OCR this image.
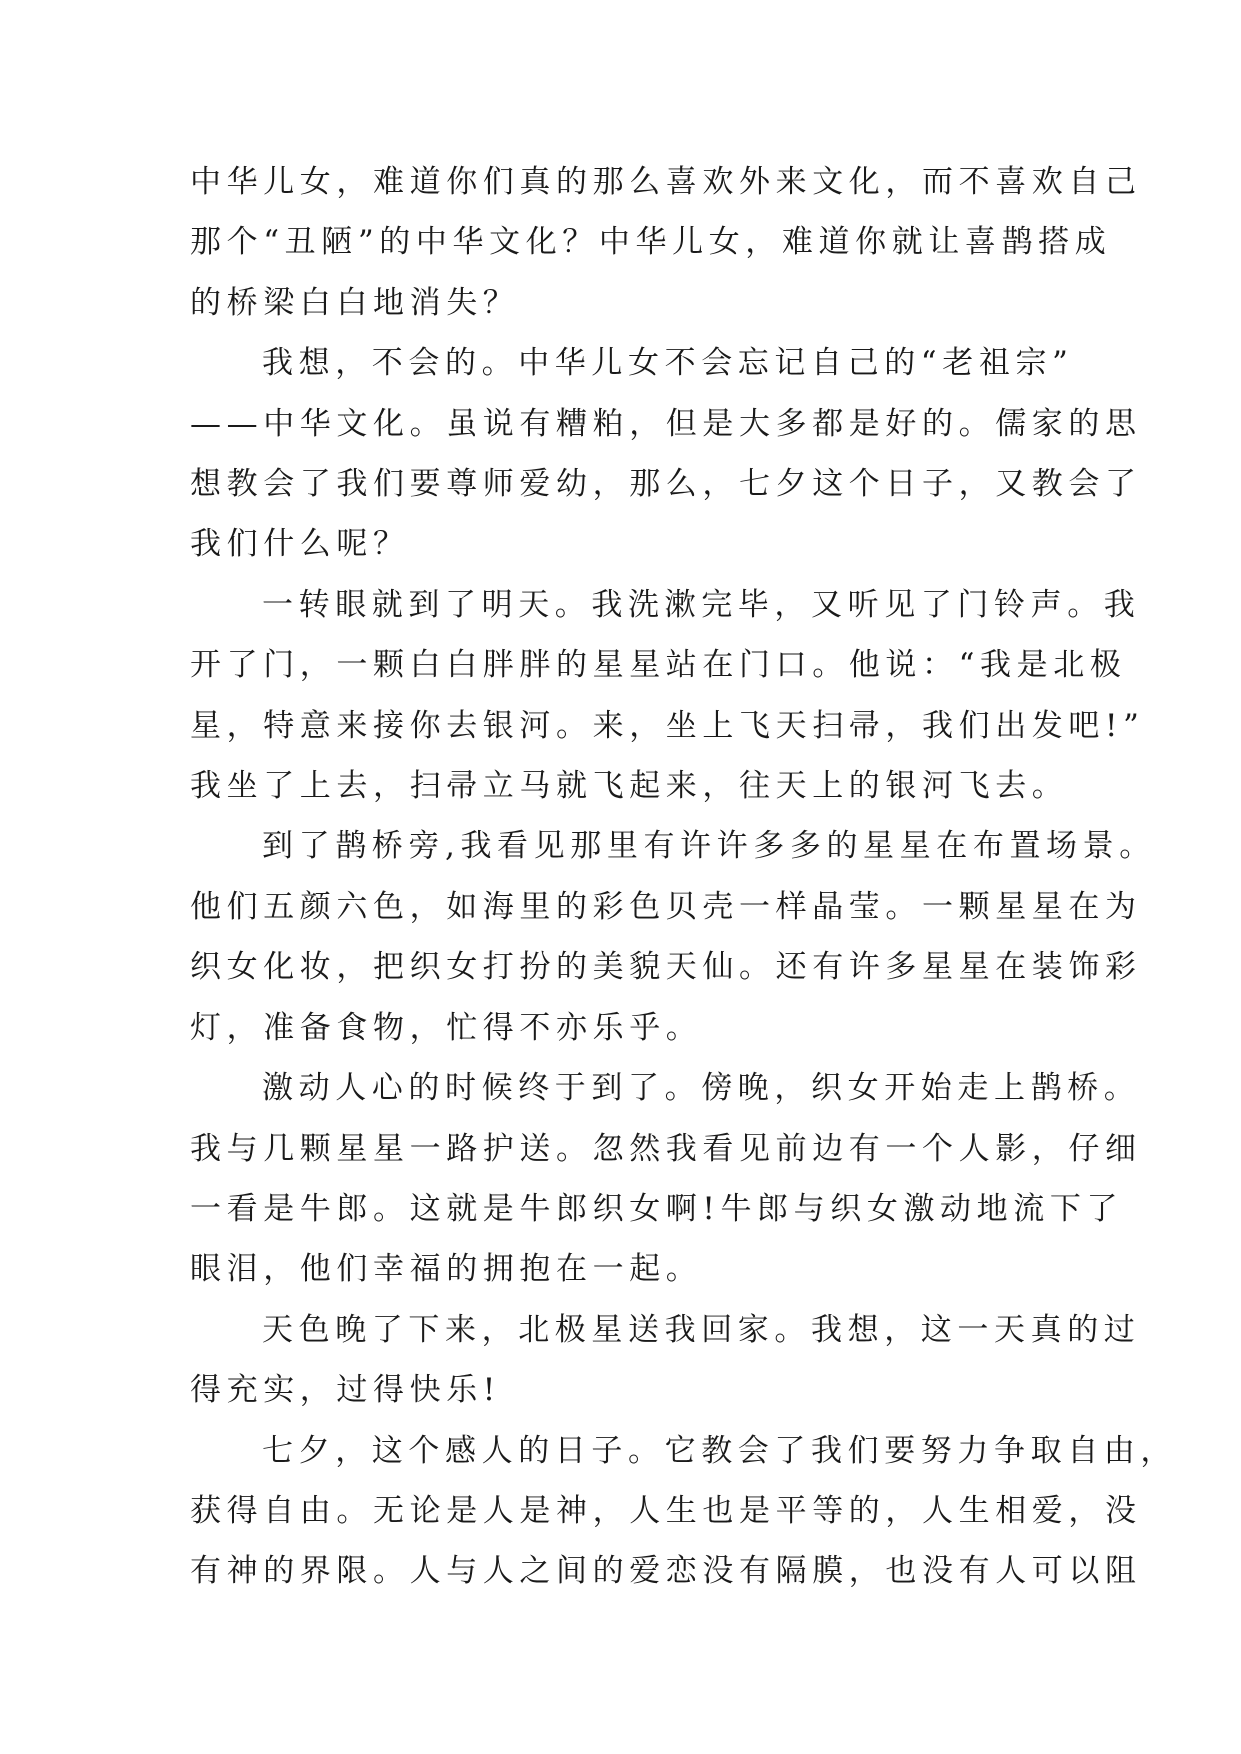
中华儿女，难道你们真的那么喜欢外来文化，而不喜欢自己
那个“丑陋”的中华文化？中华儿女，难道你就让喜鹊搭成
的桥梁白白地消失？
我想，不会的。中华儿女不会忘记自己的“老祖宗”
——中华文化。虽说有糟粕，但是大多都是好的。儒家的思
想教会了我们要尊师爱幼，那么，七夕这个日子，又教会了
我们什么呢？
一转眼就到了明天。我洗漱完毕，又听见了门铃声。我
开了门，一颗白白胖胖的星星站在门口。他说：“我是北极
星，特意来接你去银河。来，坐上飞天扫帚，我们出发吧!”
我坐了上去，扫帚立马就飞起来，往天上的银河飞去。
到了鹊桥旁,我看见那里有许许多多的星星在布置场景。
他们五颜六色，如海里的彩色贝壳一样晶莹。一颗星星在为
织女化妆，把织女打扮的美貌天仙。还有许多星星在装饰彩
灯，准备食物，忙得不亦乐乎。
激动人心的时候终于到了。傍晚，织女开始走上鹊桥。
我与几颗星星一路护送。忽然我看见前边有一个人影，仔细
一看是牛郎。这就是牛郎织女啊!牛郎与织女激动地流下了
眼泪，他们幸福的拥抱在一起。
天色晚了下来，北极星送我回家。我想，这一天真的过
得充实，过得快乐!
七夕，这个感人的日子。它教会了我们要努力争取自由，
获得自由。无论是人是神，人生也是平等的，人生相爱，没
有神的界限。人与人之间的爱恋没有隔膜，也没有人可以阻
